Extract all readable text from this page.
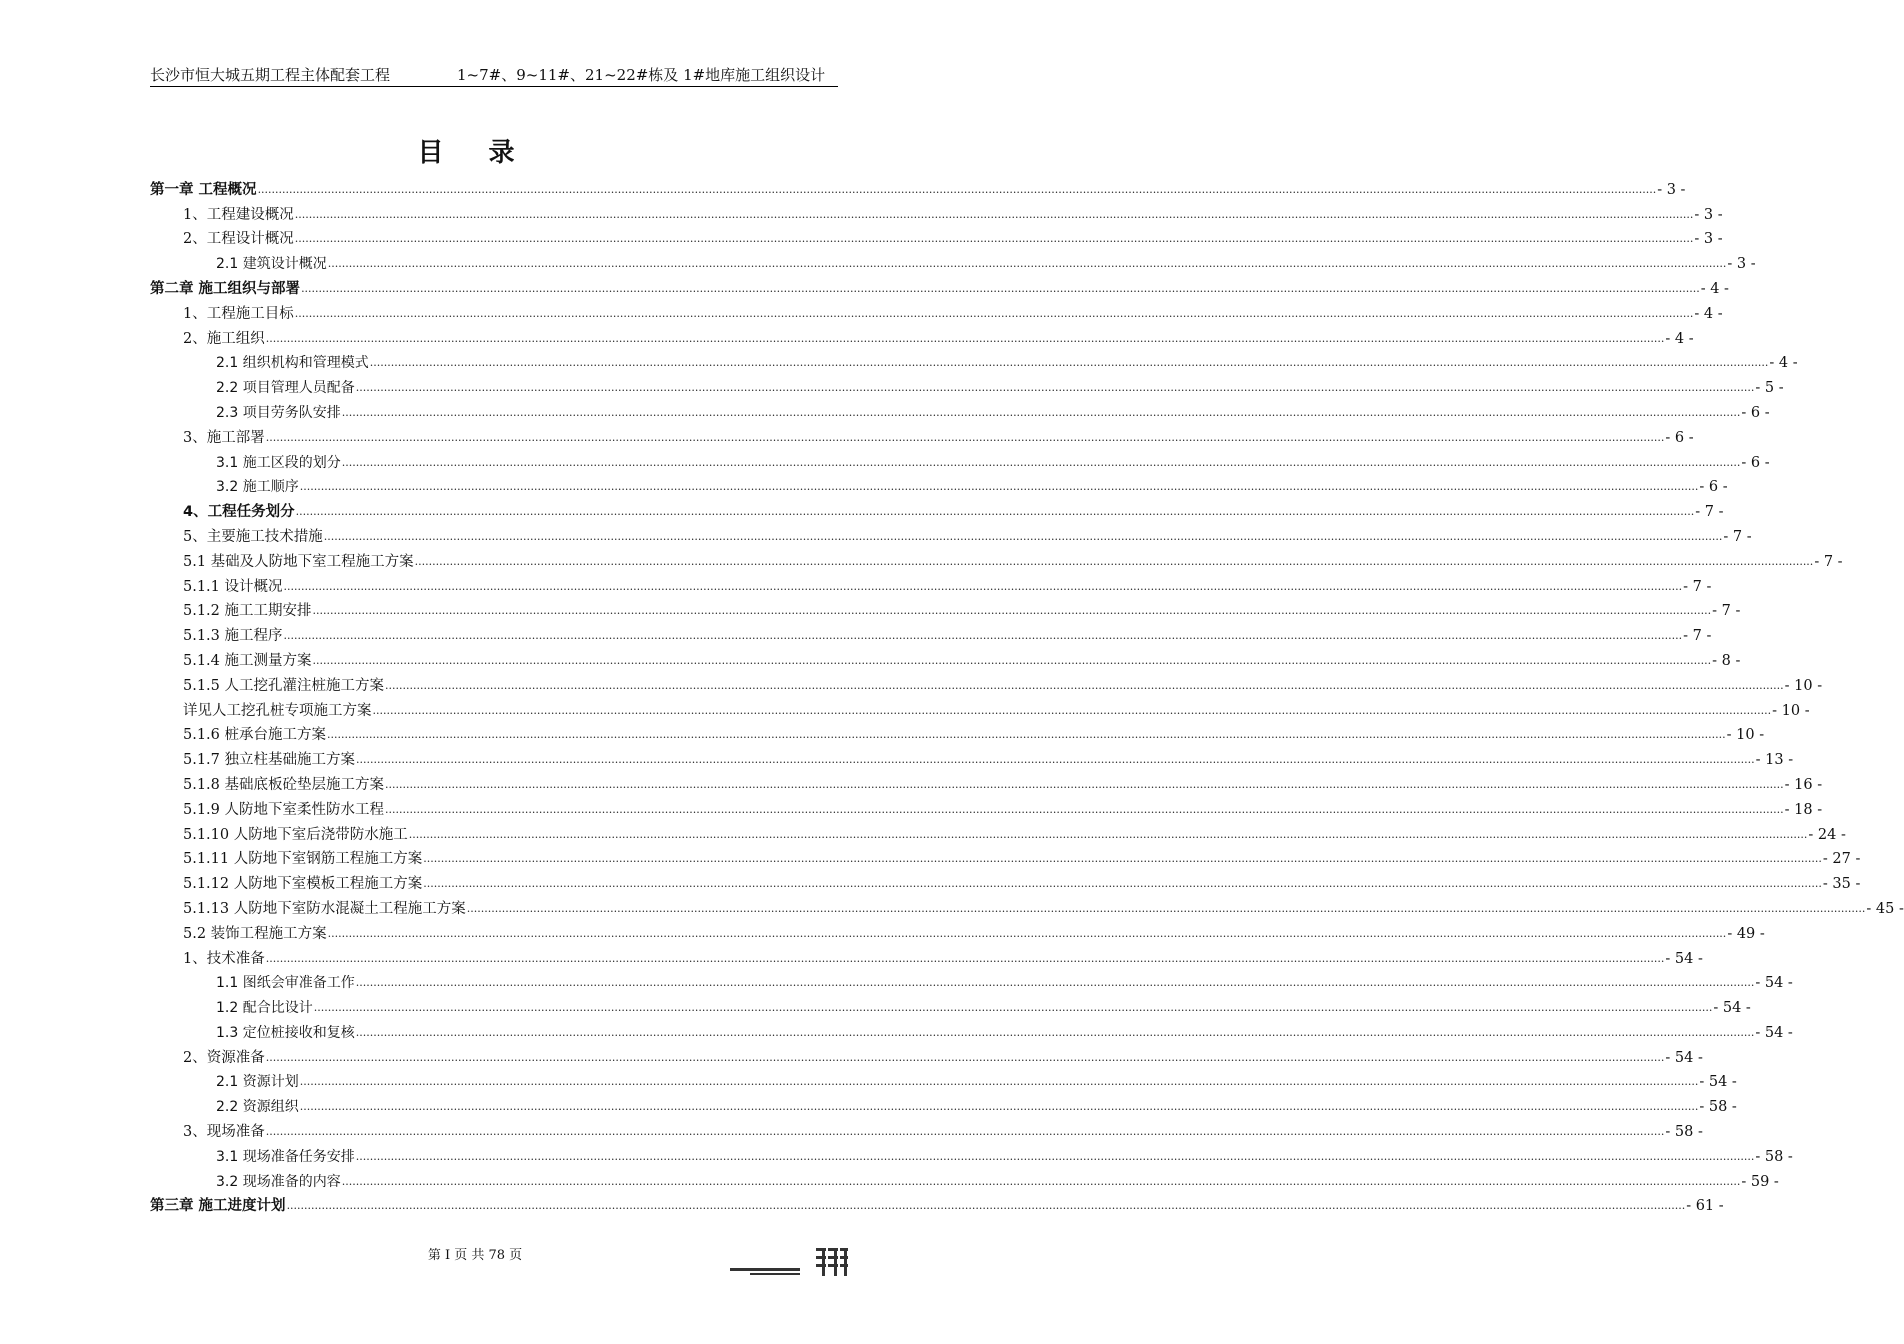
长沙市恒大城五期工程主体配套工程	1~7#、9~11#、21~22#栋及 1#地库施工组织设计
目 录
第一章 工程概况 ................................................................................................................................................................................................................................................................................................................................................................................................................ - 3 -
1、工程建设概况 ................................................................................................................................................................................................................................................................................................................................................................................................................ - 3 -
2、工程设计概况 ................................................................................................................................................................................................................................................................................................................................................................................................................ - 3 -
2.1 建筑设计概况 ................................................................................................................................................................................................................................................................................................................................................................................................................ - 3 -
第二章 施工组织与部署 ................................................................................................................................................................................................................................................................................................................................................................................................................ - 4 -
1、工程施工目标 ................................................................................................................................................................................................................................................................................................................................................................................................................ - 4 -
2、施工组织 ................................................................................................................................................................................................................................................................................................................................................................................................................ - 4 -
2.1 组织机构和管理模式 ................................................................................................................................................................................................................................................................................................................................................................................................................ - 4 -
2.2 项目管理人员配备 ................................................................................................................................................................................................................................................................................................................................................................................................................ - 5 -
2.3 项目劳务队安排 ................................................................................................................................................................................................................................................................................................................................................................................................................ - 6 -
3、施工部署 ................................................................................................................................................................................................................................................................................................................................................................................................................ - 6 -
3.1 施工区段的划分 ................................................................................................................................................................................................................................................................................................................................................................................................................ - 6 -
3.2 施工顺序 ................................................................................................................................................................................................................................................................................................................................................................................................................ - 6 -
4、工程任务划分 ................................................................................................................................................................................................................................................................................................................................................................................................................ - 7 -
5、主要施工技术措施 ................................................................................................................................................................................................................................................................................................................................................................................................................ - 7 -
5.1 基础及人防地下室工程施工方案 ................................................................................................................................................................................................................................................................................................................................................................................................................ - 7 -
5.1.1 设计概况 ................................................................................................................................................................................................................................................................................................................................................................................................................ - 7 -
5.1.2 施工工期安排 ................................................................................................................................................................................................................................................................................................................................................................................................................ - 7 -
5.1.3 施工程序 ................................................................................................................................................................................................................................................................................................................................................................................................................ - 7 -
5.1.4 施工测量方案 ................................................................................................................................................................................................................................................................................................................................................................................................................ - 8 -
5.1.5 人工挖孔灌注桩施工方案 ................................................................................................................................................................................................................................................................................................................................................................................................................ - 10 -
详见人工挖孔桩专项施工方案 ................................................................................................................................................................................................................................................................................................................................................................................................................ - 10 -
5.1.6 桩承台施工方案 ................................................................................................................................................................................................................................................................................................................................................................................................................ - 10 -
5.1.7 独立柱基础施工方案 ................................................................................................................................................................................................................................................................................................................................................................................................................ - 13 -
5.1.8 基础底板砼垫层施工方案 ................................................................................................................................................................................................................................................................................................................................................................................................................ - 16 -
5.1.9 人防地下室柔性防水工程 ................................................................................................................................................................................................................................................................................................................................................................................................................ - 18 -
5.1.10 人防地下室后浇带防水施工 ................................................................................................................................................................................................................................................................................................................................................................................................................ - 24 -
5.1.11 人防地下室钢筋工程施工方案 ................................................................................................................................................................................................................................................................................................................................................................................................................ - 27 -
5.1.12 人防地下室模板工程施工方案 ................................................................................................................................................................................................................................................................................................................................................................................................................ - 35 -
5.1.13 人防地下室防水混凝土工程施工方案 ................................................................................................................................................................................................................................................................................................................................................................................................................ - 45 -
5.2 装饰工程施工方案 ................................................................................................................................................................................................................................................................................................................................................................................................................ - 49 -
1、技术准备 ................................................................................................................................................................................................................................................................................................................................................................................................................ - 54 -
1.1 图纸会审准备工作 ................................................................................................................................................................................................................................................................................................................................................................................................................ - 54 -
1.2 配合比设计 ................................................................................................................................................................................................................................................................................................................................................................................................................ - 54 -
1.3 定位桩接收和复核 ................................................................................................................................................................................................................................................................................................................................................................................................................ - 54 -
2、资源准备 ................................................................................................................................................................................................................................................................................................................................................................................................................ - 54 -
2.1 资源计划 ................................................................................................................................................................................................................................................................................................................................................................................................................ - 54 -
2.2 资源组织 ................................................................................................................................................................................................................................................................................................................................................................................................................ - 58 -
3、现场准备 ................................................................................................................................................................................................................................................................................................................................................................................................................ - 58 -
3.1 现场准备任务安排 ................................................................................................................................................................................................................................................................................................................................................................................................................ - 58 -
3.2 现场准备的内容 ................................................................................................................................................................................................................................................................................................................................................................................................................ - 59 -
第三章 施工进度计划 ................................................................................................................................................................................................................................................................................................................................................................................................................ - 61 -
第 I 页 共 78 页
